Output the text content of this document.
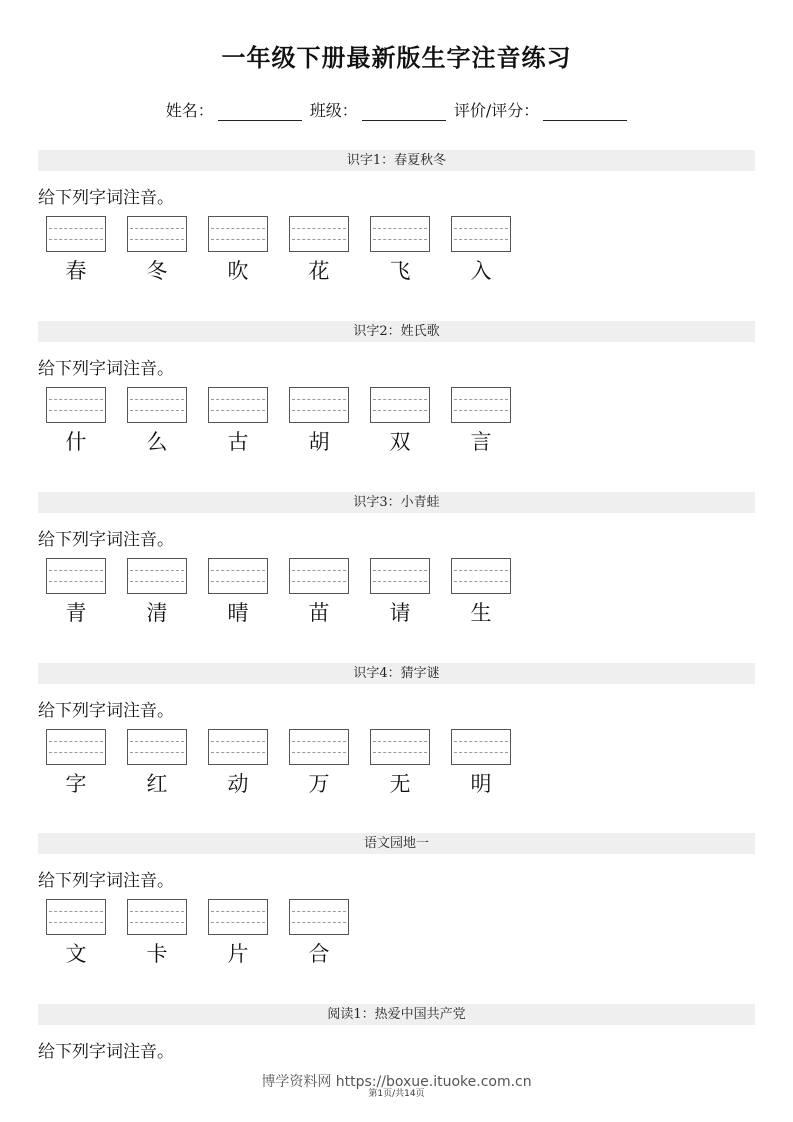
一年级下册最新版生字注音练习
姓名：	班级：	评价/评分：
识字1：春夏秋冬
给下列字词注音。
春	冬	吹	花	飞	入
识字2：姓氏歌
给下列字词注音。
什	么	古	胡	双	言
识字3：小青蛙
给下列字词注音。
青	清	晴	苗	请	生
识字4：猜字谜
给下列字词注音。
字	红	动	万	无	明
语文园地一
给下列字词注音。
文	卡	片	合
阅读1：热爱中国共产党
给下列字词注音。
博学资料网 https://boxue.ituoke.com.cn
第1页/共14页
